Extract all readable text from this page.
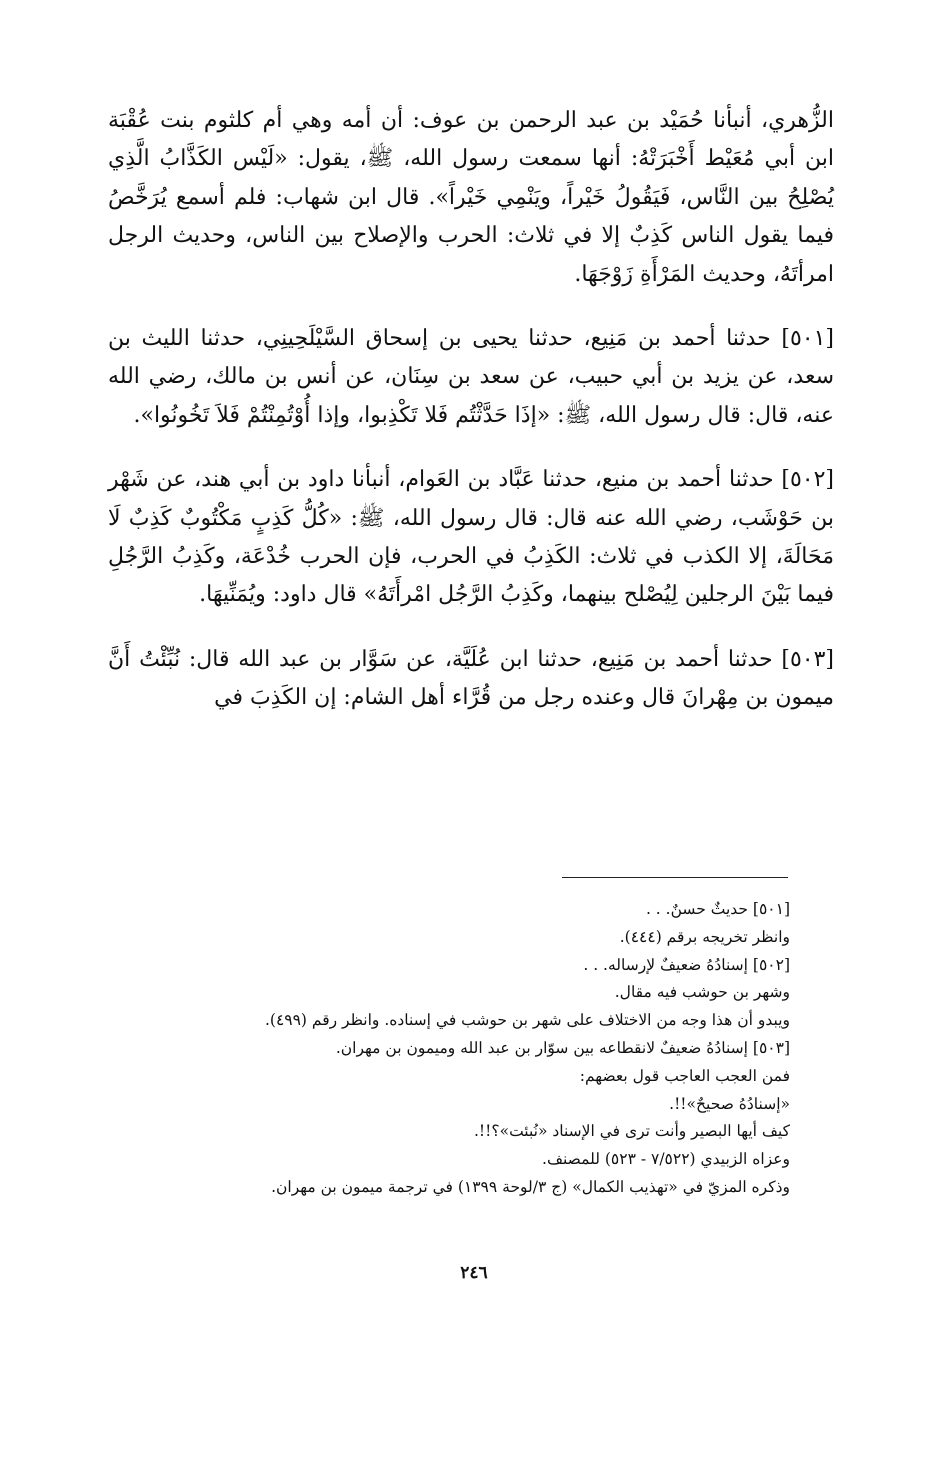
الزُّهري، أنبأنا حُمَيْد بن عبد الرحمن بن عوف: أن أمه وهي أم كلثوم بنت عُقْبَة ابن أبي مُعَيْط أَخْبَرَتْهُ: أنها سمعت رسول الله، ﷺ، يقول: «لَيْس الكَذَّابُ الَّذِي يُصْلِحُ بين النَّاس، فَيَقُولُ خَيْراً، ويَنْمِي خَيْراً». قال ابن شهاب: فلم أسمع يُرَخَّصُ فيما يقول الناس كَذِبٌ إلا في ثلاث: الحرب والإصلاح بين الناس، وحديث الرجل امرأتَهُ، وحديث المَرْأَةِ زَوْجَهَا.

[٥٠١] حدثنا أحمد بن مَنِيع، حدثنا يحيى بن إسحاق السَّيْلَحِينِي، حدثنا الليث بن سعد، عن يزيد بن أبي حبيب، عن سعد بن سِنَان، عن أنس بن مالك، رضي الله عنه، قال: قال رسول الله، ﷺ: «إذَا حَدَّثْتُم فَلا تَكْذِبوا، وإذا أُوْتُمِنْتُمْ فَلاَ تَخُونُوا».

[٥٠٢] حدثنا أحمد بن منيع، حدثنا عَبَّاد بن العَوام، أنبأنا داود بن أبي هند، عن شَهْر بن حَوْشَب، رضي الله عنه قال: قال رسول الله، ﷺ: «كُلُّ كَذِبٍ مَكْتُوبٌ كَذِبٌ لَا مَحَالَةَ، إلا الكذب في ثلاث: الكَذِبُ في الحرب، فإن الحرب خُدْعَة، وكَذِبُ الرَّجُلِ فيما بَيْنَ الرجلين لِيُصْلح بينهما، وكَذِبُ الرَّجُل امْرأَتَهُ» قال داود: ويُمَنِّيهَا.

[٥٠٣] حدثنا أحمد بن مَنِيع، حدثنا ابن عُلَيَّة، عن سَوَّار بن عبد الله قال: نُبِّئْتُ أَنَّ ميمون بن مِهْرانَ قال وعنده رجل من قُرَّاء أهل الشام: إن الكَذِبَ في

[٥٠١] حديثٌ حسنٌ. . .
وانظر تخريجه برقم (٤٤٤).
[٥٠٢] إسنادُهُ ضعيفٌ لإرساله. . .
وشهر بن حوشب فيه مقال.
ويبدو أن هذا وجه من الاختلاف على شهر بن حوشب في إسناده. وانظر رقم (٤٩٩).
[٥٠٣] إسنادُهُ ضعيفٌ لانقطاعه بين سوّار بن عبد الله وميمون بن مهران.
فمن العجب العاجب قول بعضهم:
«إسنادُهُ صحيحٌ»!!.
كيف أيها البصير وأنت ترى في الإسناد «نُبئت»؟!!.
وعزاه الزبيدي (٧/٥٢٢ - ٥٢٣) للمصنف.
وذكره المزيّ في «تهذيب الكمال» (ج ٣/لوحة ١٣٩٩) في ترجمة ميمون بن مهران.
٢٤٦
